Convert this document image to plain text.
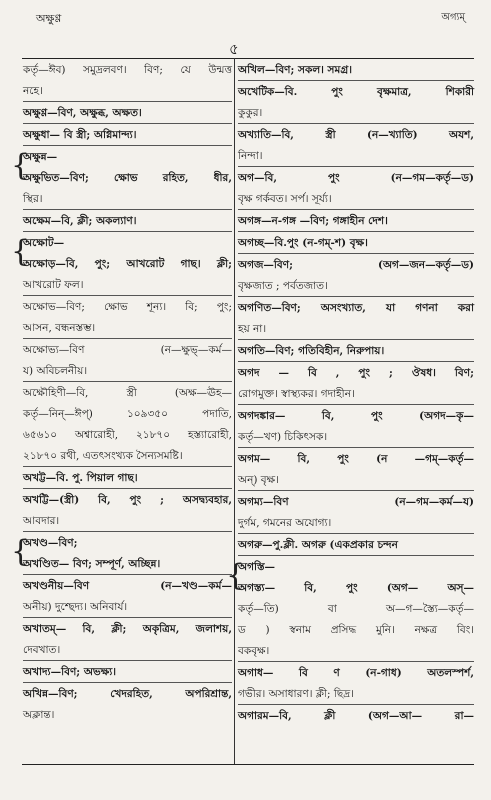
অক্ষুণ্ণ
৫
অগ্যম্
কর্তৃ—ঈব) সমুদ্রলবণ। বিণ; যে উন্মত্ত
নহে।
অক্ষুণ্ণ—বিণ, অক্ষুব্ধ, অক্ষত।
অক্ষুধা— বি স্ত্রী; অগ্নিমান্দ্য।
{
অক্ষুন্ন—
অক্ষুভিত—বিণ; ক্ষোভ রহিত, ধীর,
স্থির।
অক্ষেম—বি, ক্লী; অকল্যাণ।
{
অক্ষোট—
অক্ষোড়—বি, পুং; আখরোট গাছ। ক্লী;
আখরোট ফল।
অক্ষোভ—বিণ; ক্ষোভ শূন্য। বি; পুং;
আসন, বন্ধনস্তম্ভ।
অক্ষোভ্য—বিণ (ন—ক্ষুভ্—কর্ম—
য) অবিচলনীয়।
অক্ষৌহিণী—বি, স্ত্রী (অক্ষ—ঊহ—
কর্তৃ—নিন্—ঈপ্) ১০৯৩৫০ পদাতি,
৬৫৬১০ অশ্বারোহী, ২১৮৭০ হস্ত্যারোহী,
২১৮৭০ রথী, এতৎসংখ্যক সৈন্যসমষ্টি।
অখট্ট—বি. পু. পিয়াল গাছ।
অখট্টি—(স্ত্রী) বি, পুং ; অসদ্ব্যবহার,
আবদার।
{
অখণ্ড—বিণ;
অখণ্ডিত— বিণ; সম্পূর্ণ, অচ্ছিন্ন।
অখণ্ডনীয়—বিণ (ন—খণ্ড—কর্ম—
অনীয়) দুশ্ছেদ্য। অনিবার্য।
অখাতম্— বি, ক্লী; অকৃত্রিম, জলাশয়,
দেবখাত।
অখাদ্য—বিণ; অভক্ষ্য।
অখিন্ন—বিণ; খেদরহিত, অপরিশ্রান্ত,
অক্লান্ত।
অখিল—বিণ; সকল। সমগ্র।
অখেটিক—বি. পুং বৃক্ষমাত্র, শিকারী
কুকুর।
অখ্যাতি—বি, স্ত্রী (ন—খ্যাতি) অযশ,
নিন্দা।
অগ—বি, পুং (ন—গম—কর্তৃ—ড)
বৃক্ষ গর্কবত। সর্প। সূর্য্য।
অগঙ্গ—ন-গঙ্গ —বিণ; গঙ্গাহীন দেশ।
অগচ্ছ—বি.পুং (ন-গম্-শ) বৃক্ষ।
অগজ—বিণ; (অগ—জন—কর্তৃ—ড)
বৃক্ষজাত ; পর্বতজাত।
অগণিত—বিণ; অসংখ্যাত, যা গণনা করা
হয় না।
অগতি—বিণ; গতিবিহীন, নিরুপায়।
অগদ — বি , পুং ; ঔষধ। বিণ;
রোগমুক্ত। স্বাস্থ্যকর। গদাহীন।
অগদঙ্কার— বি, পুং (অগদ—কৃ—
কর্তৃ—খণ) চিকিৎসক।
অগম— বি, পুং (ন —গম্—কর্তৃ—
অন্) বৃক্ষ।
অগম্য—বিণ (ন—গম—কর্ম—য)
দুর্গম, গমনের অযোগ্য।
অগরু—পু.ক্লী. অগরু (একপ্রকার চন্দন
{
অগস্তি—
অগস্ত্য— বি, পুং (অগ— অস্—
কর্তৃ—তি) বা অ—গ—স্ত্যৈ—কর্তৃ—
ড ) স্বনাম প্রসিদ্ধ মুনি। নক্ষত্র বিং।
বকবৃক্ষ।
অগাধ— বি ণ (ন-গাধ) অতলস্পর্শ,
গভীর। অসাধারণ। ক্লী; ছিদ্র।
অগারম—বি, ক্লী (অগ—আ— রা—
